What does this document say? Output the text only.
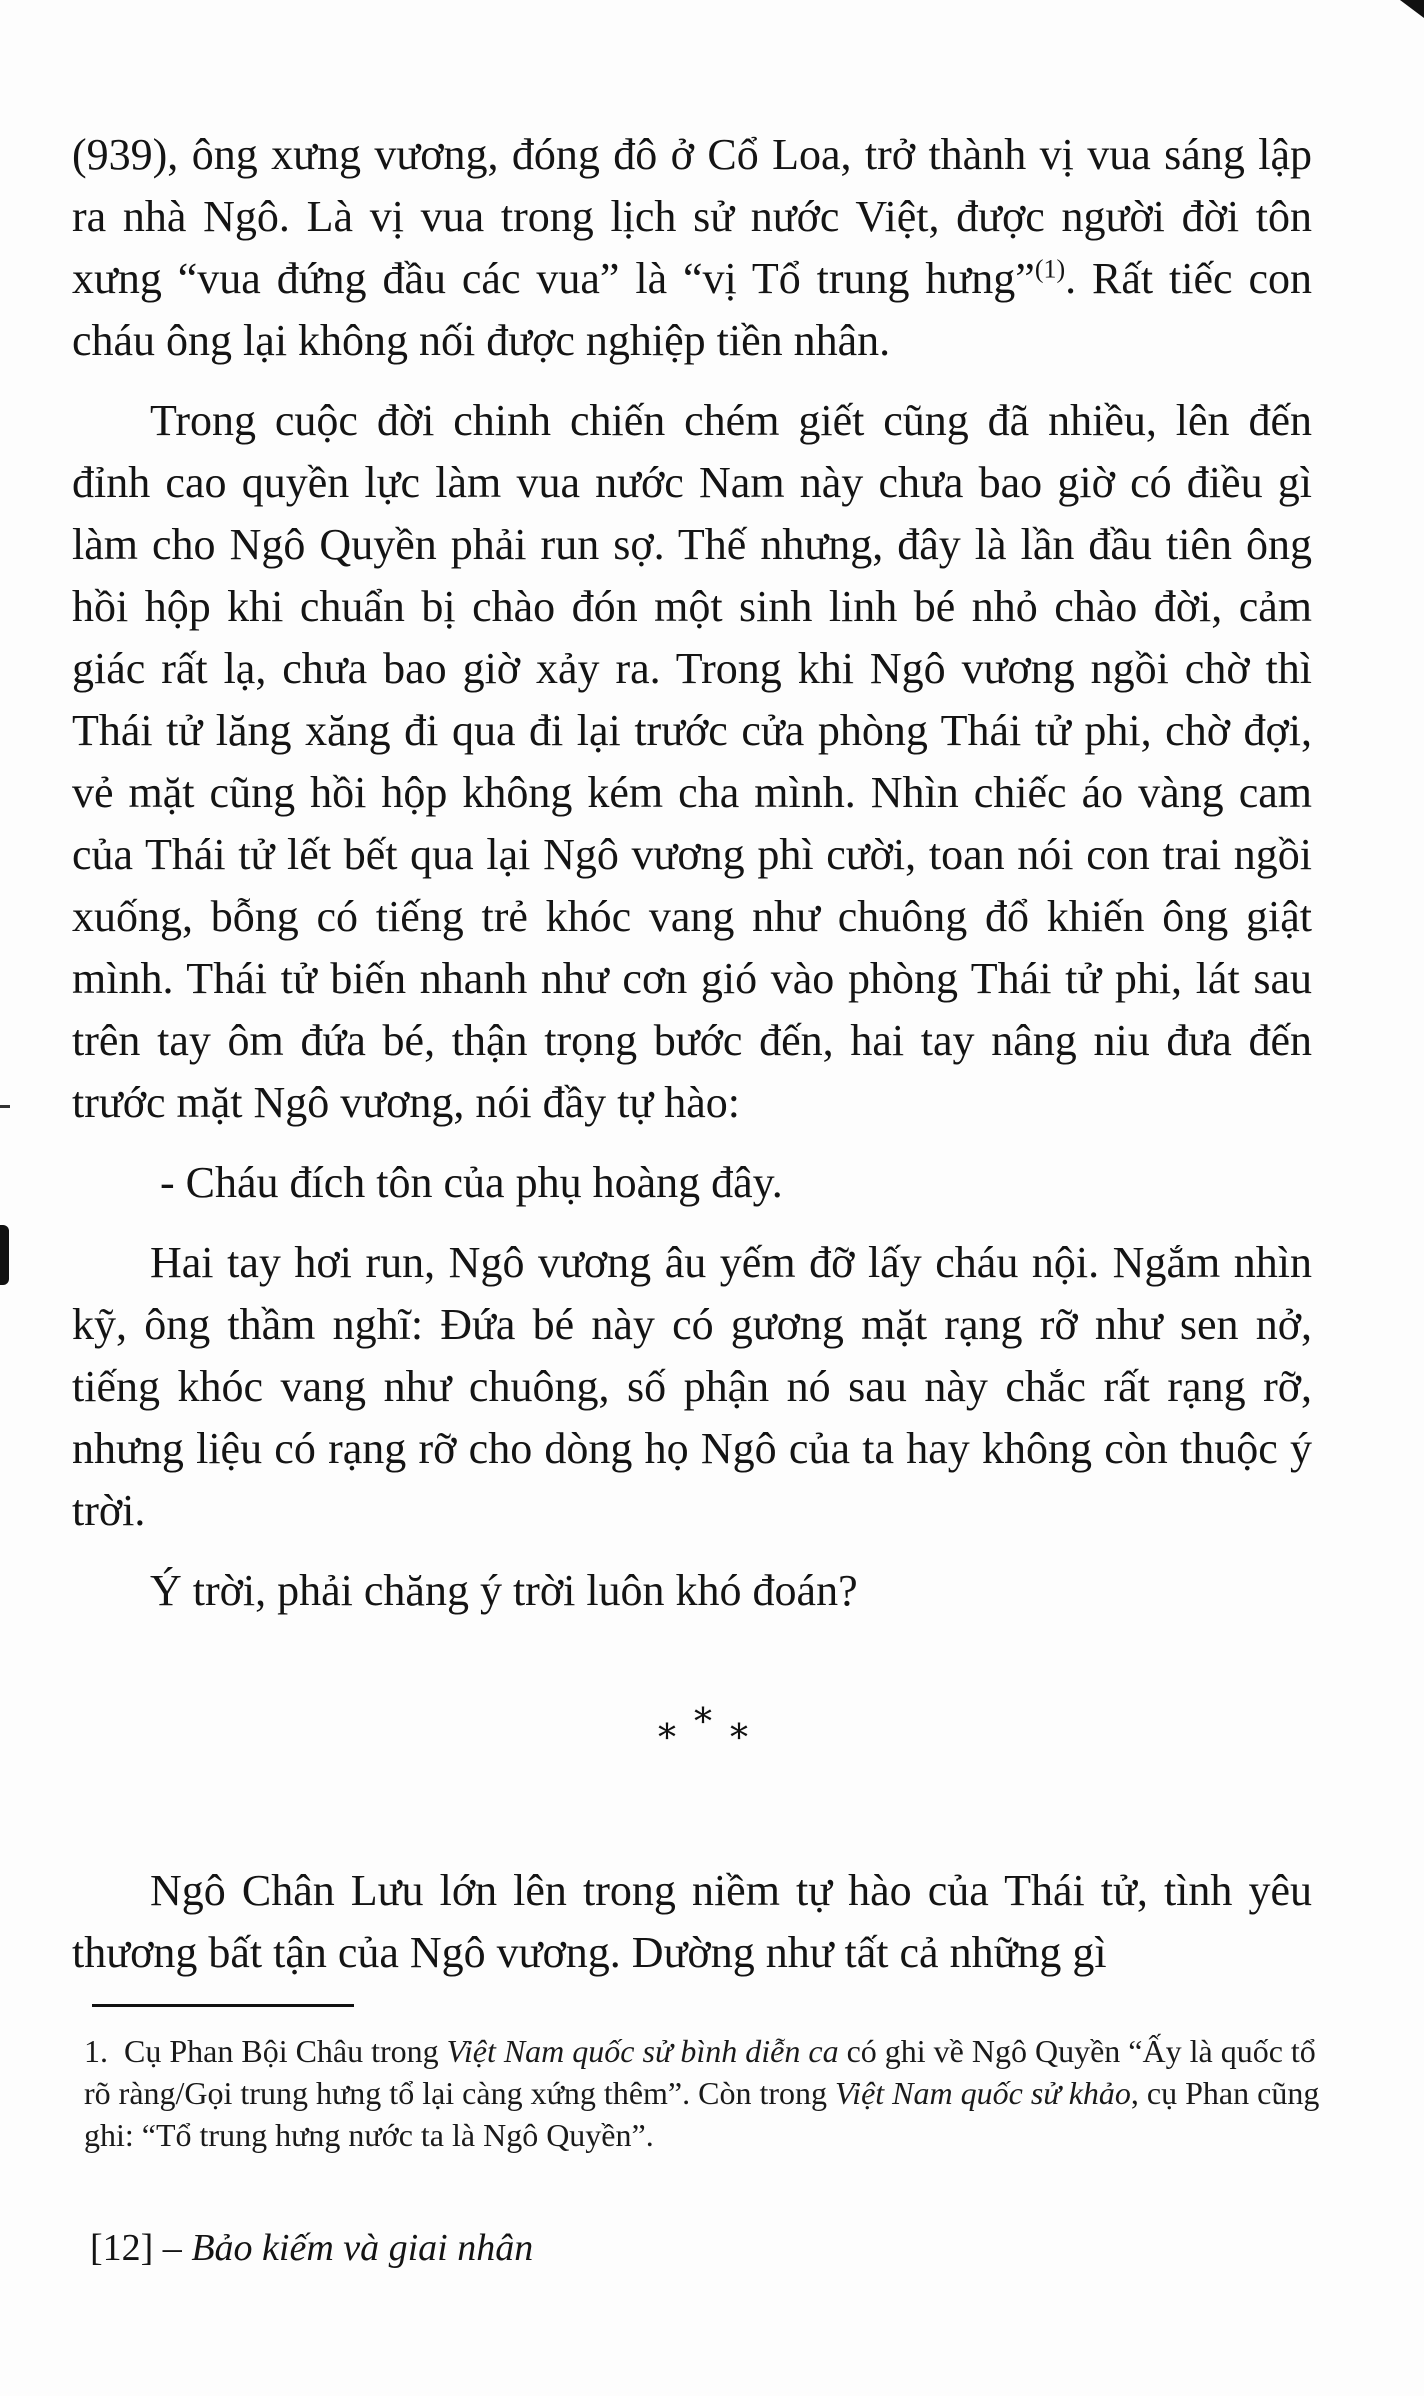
(939), ông xưng vương, đóng đô ở Cổ Loa, trở thành vị vua sáng lập ra nhà Ngô. Là vị vua trong lịch sử nước Việt, được người đời tôn xưng “vua đứng đầu các vua” là “vị Tổ trung hưng”$^{(1)}$. Rất tiếc con cháu ông lại không nối được nghiệp tiền nhân.

Trong cuộc đời chinh chiến chém giết cũng đã nhiều, lên đến đỉnh cao quyền lực làm vua nước Nam này chưa bao giờ có điều gì làm cho Ngô Quyền phải run sợ. Thế nhưng, đây là lần đầu tiên ông hồi hộp khi chuẩn bị chào đón một sinh linh bé nhỏ chào đời, cảm giác rất lạ, chưa bao giờ xảy ra. Trong khi Ngô vương ngồi chờ thì Thái tử lăng xăng đi qua đi lại trước cửa phòng Thái tử phi, chờ đợi, vẻ mặt cũng hồi hộp không kém cha mình. Nhìn chiếc áo vàng cam của Thái tử lết bết qua lại Ngô vương phì cười, toan nói con trai ngồi xuống, bỗng có tiếng trẻ khóc vang như chuông đổ khiến ông giật mình. Thái tử biến nhanh như cơn gió vào phòng Thái tử phi, lát sau trên tay ôm đứa bé, thận trọng bước đến, hai tay nâng niu đưa đến trước mặt Ngô vương, nói đầy tự hào:

- Cháu đích tôn của phụ hoàng đây.

Hai tay hơi run, Ngô vương âu yếm đỡ lấy cháu nội. Ngắm nhìn kỹ, ông thầm nghĩ: Đứa bé này có gương mặt rạng rỡ như sen nở, tiếng khóc vang như chuông, số phận nó sau này chắc rất rạng rỡ, nhưng liệu có rạng rỡ cho dòng họ Ngô của ta hay không còn thuộc ý trời.

Ý trời, phải chăng ý trời luôn khó đoán?

***

Ngô Chân Lưu lớn lên trong niềm tự hào của Thái tử, tình yêu thương bất tận của Ngô vương. Dường như tất cả những gì

1. Cụ Phan Bội Châu trong Việt Nam quốc sử bình diễn ca có ghi về Ngô Quyền “Ấy là quốc tổ rõ ràng/Gọi trung hưng tổ lại càng xứng thêm”. Còn trong Việt Nam quốc sử khảo, cụ Phan cũng ghi: “Tổ trung hưng nước ta là Ngô Quyền”.
[12] – Bảo kiếm và giai nhân
